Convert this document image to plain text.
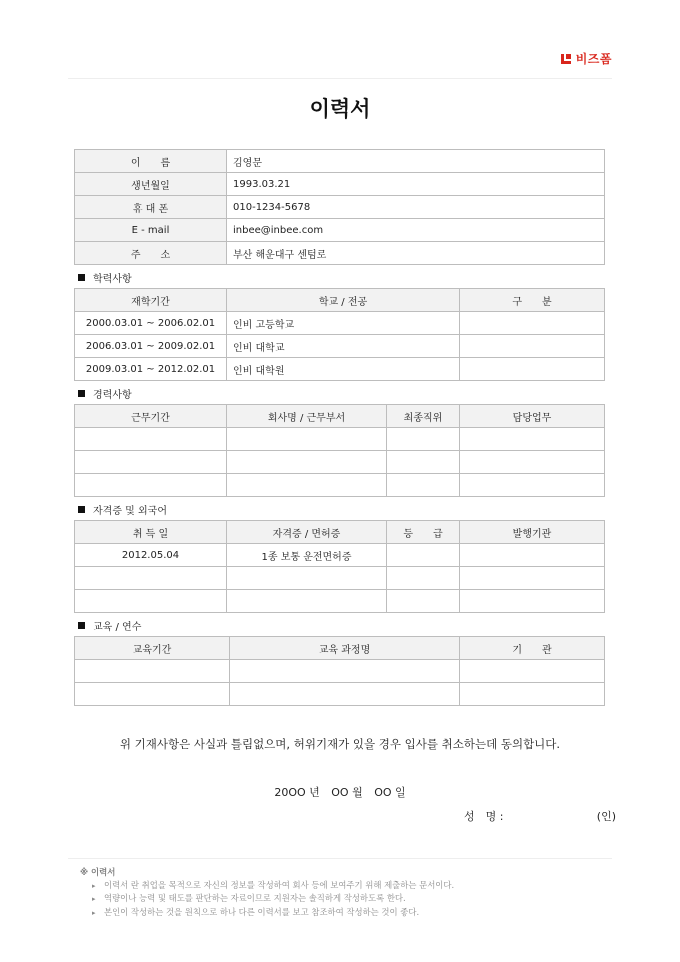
비즈폼
이력서
이　　름	김영문
생년월일	1993.03.21
휴 대 폰	010-1234-5678
E - mail	inbee@inbee.com
주　　소	부산 해운대구 센텀로
학력사항
재학기간	학교 / 전공	구　　분
2000.03.01 ~ 2006.02.01	인비 고등학교	
2006.03.01 ~ 2009.02.01	인비 대학교	
2009.03.01 ~ 2012.02.01	인비 대학원	
경력사항
근무기간	회사명 / 근무부서	최종직위	담당업무

자격증 및 외국어
취 득 일	자격증 / 면허증	등　　급	발행기관
2012.05.04	1종 보통 운전면허증		

교육 / 연수
교육기간	교육 과정명	기　　관

위 기재사항은 사실과 틀림없으며, 허위기재가 있을 경우 입사를 취소하는데 동의합니다.
20OO 년 OO 월 OO 일
성　명 :	(인)
※ 이력서
▸ 이력서 란 취업을 목적으로 자신의 정보를 작성하여 회사 등에 보여주기 위해 제출하는 문서이다.
▸ 역량이나 능력 및 태도를 판단하는 자료이므로 지원자는 솔직하게 작성하도록 한다.
▸ 본인이 작성하는 것을 원칙으로 하나 다른 이력서를 보고 참조하여 작성하는 것이 좋다.
